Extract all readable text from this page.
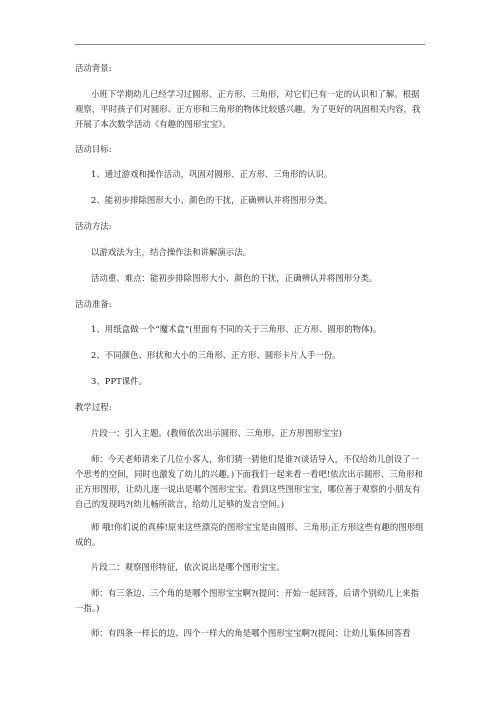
活动背景:

小班下学期幼儿已经学习过圆形、正方形、三角形，对它们已有一定的认识和了解。根据观察，平时孩子们对圆形、正方形和三角形的物体比较感兴趣。为了更好的巩固相关内容，我开展了本次数学活动《有趣的图形宝宝》。

活动目标:

1、通过游戏和操作活动，巩固对圆形、正方形、三角形的认识。

2、能初步排除图形大小、颜色的干扰，正确辨认并将图形分类。

活动方法:

以游戏法为主，结合操作法和讲解演示法。

活动重、难点：能初步排除图形大小、颜色的干扰，正确辨认并将图形分类。

活动准备:

1、用纸盒做一个“魔术盒”(里面有不同的关于三角形、正方形、圆形的物体)。

2、不同颜色、形状和大小的三角形、正方形、圆形卡片人手一份。

3、PPT课件。

教学过程:

片段一：引入主题。(教师依次出示圆形、三角形、正方形图形宝宝)

师：今天老师请来了几位小客人，你们猜一猜他们是谁?(谈话导入，不仅给幼儿创设了一个思考的空间，同时也激发了幼儿的兴趣。)下面我们一起来看一看吧!依次出示圆形、三角形和正方形图形，让幼儿逐一说出是哪个图形宝宝。看到这些图形宝宝，哪位善于观察的小朋友有自己的发现吗?(幼儿畅所欲言，给幼儿足够的发言空间。)

师 哦!你们说的真棒!原来这些漂亮的图形宝宝是由圆形、三角形;正方形这些有趣的图形组成的。

片段二：观察图形特征，依次说出是哪个图形宝宝。

师：有三条边、三个角的是哪个图形宝宝啊?(提问：开始一起回答，后请个别幼儿上来指一指。)

师：有四条一样长的边、四个一样大的角是哪个图形宝宝啊?(提问：让幼儿集体回答看
